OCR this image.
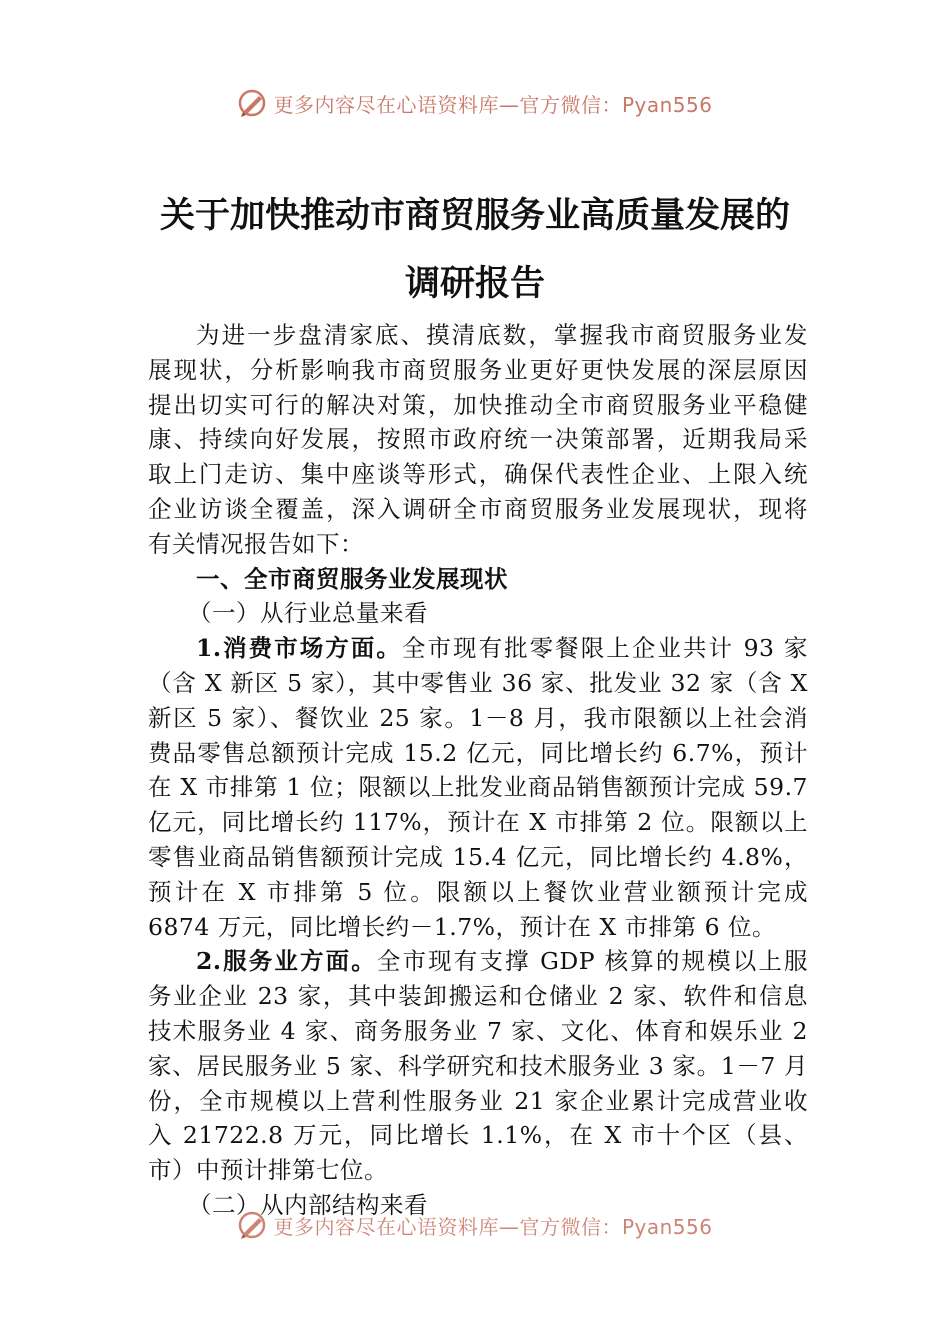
更多内容尽在心语资料库—官方微信：Pyan556
关于加快推动市商贸服务业高质量发展的
调研报告
为进一步盘清家底、摸清底数，掌握我市商贸服务业发
展现状，分析影响我市商贸服务业更好更快发展的深层原因
提出切实可行的解决对策，加快推动全市商贸服务业平稳健
康、持续向好发展，按照市政府统一决策部署，近期我局采
取上门走访、集中座谈等形式，确保代表性企业、上限入统
企业访谈全覆盖，深入调研全市商贸服务业发展现状，现将
有关情况报告如下：
一、全市商贸服务业发展现状
（一）从行业总量来看
1.消费市场方面。全市现有批零餐限上企业共计 93 家
（含 X 新区 5 家），其中零售业 36 家、批发业 32 家（含 X
新区 5 家）、餐饮业 25 家。1－8 月，我市限额以上社会消
费品零售总额预计完成 15.2 亿元，同比增长约 6.7%，预计
在 X 市排第 1 位；限额以上批发业商品销售额预计完成 59.7
亿元，同比增长约 117%，预计在 X 市排第 2 位。限额以上
零售业商品销售额预计完成 15.4 亿元，同比增长约 4.8%，
预计在 X 市排第 5 位。限额以上餐饮业营业额预计完成
6874 万元，同比增长约－1.7%，预计在 X 市排第 6 位。
2.服务业方面。全市现有支撑 GDP 核算的规模以上服
务业企业 23 家，其中装卸搬运和仓储业 2 家、软件和信息
技术服务业 4 家、商务服务业 7 家、文化、体育和娱乐业 2
家、居民服务业 5 家、科学研究和技术服务业 3 家。1－7 月
份，全市规模以上营利性服务业 21 家企业累计完成营业收
入 21722.8 万元，同比增长 1.1%，在 X 市十个区（县、
市）中预计排第七位。
（二）从内部结构来看
更多内容尽在心语资料库—官方微信：Pyan556
